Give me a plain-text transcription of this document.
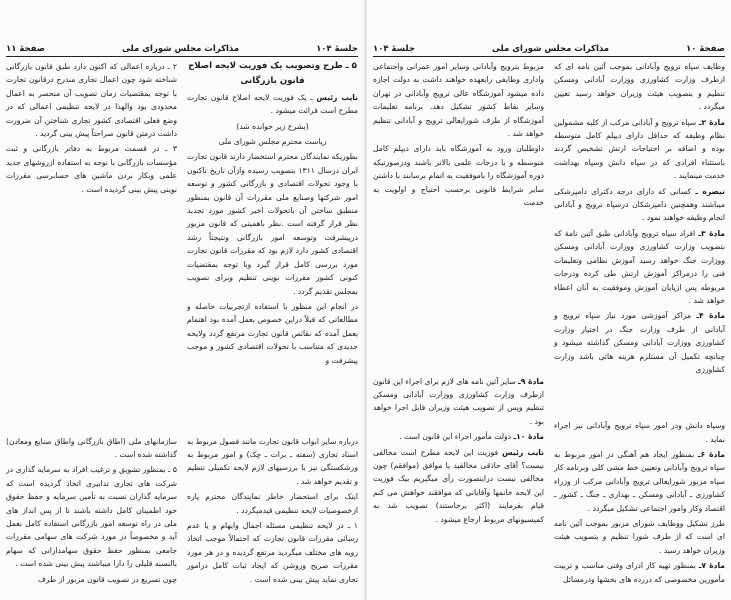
جلسهٔ ۱۰۴
مذاکرات مجلس شورای ملی
صفحهٔ ۱۱

۵ ـ طرح وتصویب یک فوریت لایحه اصلاح

قانون بازرگانی

نایب رئیس ـ یک فوریت لایحه اصلاح قانون تجارت مطرح است قرائت میشود .

(بشرح زیر خوانده شد)

ریاست محترم مجلس شورای ملی

بطوریکه نمایندگان محترم استحضار دارند قانون تجارت ایران درسال ۱۳۱۱ بتصویب رسیده وازآن تاریخ تاکنون با وجود تحولات اقتصادی و بازرگانی کشور و توسعه امور شرکتها وصنایع ملی مقررات آن قانون بمنظور منطبق ساختن آن باتحولات اخیر کشور مورد تجدید نظر قرار گرفته است .نظر باهمیتی که قانون مزبور درپیشرفت وتوسعه امور بازرگانی ونتیجتاً رشد اقتصادی کشور دارد لازم بود که مقررات قانون تجارت مورد بررسی کامل قرار گیرد وبا توجه بمقتضیات کنونی کشور مقررات نوینی تنظیم وبرای تصویب بمجلس تقدیم گردد .

در انجام این منظور با استفاده ازتجربیات حاصله و مطالعاتی که قبلاً دراین خصوص بعمل آمده بود اهتمام بعمل آمده که نقائص قانون تجارت مرتفع گردد ولایحه جدیدی که متناسب با تحولات اقتصادی کشور و موجب پیشرفت و

درباره سایر ابواب قانون تجارت مانند فصول مربوط به اسناد تجاری (سفته ـ برات ـ چک) و امور مربوط به ورشکستگی نیز با بررسیهای لازم لایحه تکمیلی تنظیم و تقدیم خواهد شد .

اینک برای استحضار خاطر نمایندگان محترم پاره ازخصوصیات لایحه تنظیمی قیدمیگردد .

۱ ـ در لایحه تنظیمی مسئله اجمال وابهام و یا عدم رسائی مقررات قانون تجارت که احتمالاً موجب اتخاذ رویه های مختلف میگردید مرتفع گردیده و در هر مورد مقررات صریح وروشن که ایجاد ثبات کامل درامور تجاری نماید پیش بینی شده است .

۲ ـ درباره اعمالی که اکنون دارد طبق قانون بازرگانی شناخته شود چون اعمال تجاری مندرج درقانون تجارت با توجه بمقتضیات زمان تصویب آن منحصر به اعمال محدودی بود والهذا در لایحه تنظیمی اعمالی که در وضع فعلی اقتصادی کشور تجاری شناختن آن ضرورت داشت درمتن قانون صراحتاً پیش بینی گردید .

۳ ـ در قسمت مربوط به دفاتر بازرگانی و ثبت مؤسسات بازرگانی با توجه به استفاده ازروشهای جدید علمی وبکار بردن ماشین های حسابرسی مقررات نوینی پیش بینی گردیده است .

سازمانهای ملی (اطاق بازرگانی واطاق صنایع ومعادن) گذاشته شده است .

۵ ـ بمنظور تشویق و ترغیب افراد به سرمایه گذاری در شرکت های تجاری تدابیری اتخاذ گردیده است که سرمایه گذاران نسبت به تأمین سرمایه و حفظ حقوق خود اطمینان کامل داشته باشند تا از پس انداز های ملی در راه توسعه امور بازرگانی استفاده کامل بعمل آید و مخصوصاً در مورد شرکت های سهامی مقررات جامعی بمنظور حفظ حقوق سهامدارانی که سهام بالنسبه قلیلی را دارا میباشند پیش بینی شده است .

چون تسریع در تصویب قانون مزبور از طرف

صفحهٔ ۱۰
مذاکرات مجلس شورای ملی
جلسهٔ ۱۰۴

وظایف سپاه ترویج وآبادانی بموجب آئین نامه ای که ازطرف وزارت کشاورزی ووزارت آبادانی ومسکن تنظیم و بتصویب هیئت وزیران خواهد رسید تعیین میگردد .

مادهٔ ۲ـ سپاه ترویج و آبادانی مرکب از کلیه مشمولین نظام وظیفه که حداقل دارای دیپلم کامل متوسطه بوده و اضافه بر احتیاجات ارتش تشخیص گردند باستثناء افرادی که در سپاه دانش وسپاه بهداشت خدمت مینمایند .

تبصره ـ کسانی که دارای درجه دکترای دامپزشکی میباشند وهمچنین دامپزشکان درسپاه ترویج و آبادانی انجام وظیفه خواهند نمود .

مادهٔ ۳ـ افراد سپاه ترویج وآبادانی طبق آئین نامهٔ که بتصویب وزارت کشاورزی ووزارت آبادانی ومسکن ووزارت جنگ خواهد رسید آموزش نظامی وتعلیمات فنی را درمراکز آموزش ارتش طی کرده ودرجات مربوطه پس ازپایان آموزش وموفقیت به آنان اعطاء خواهد شد .

مادهٔ ۴ـ مراکز آموزشی مورد نیاز سپاه ترویج و آبادانی از طرف وزارت جنگ در اختیار وزارت کشاورزی ووزارت آبادانی ومسکن گذاشته میشود و چنانچه تکمیل آن مستلزم هزینه هائی باشد وزارت کشاورزی

وسپاه دانش ودر امور سپاه ترویج وآبادانی نیز اجراء نماید .

مادهٔ ۶ـ بمنظور ایجاد هم آهنگی در امور مربوط به سپاه ترویج وآبادانی وتعیین خط مشی کلی وبرنامه کار سپاه مزبور شورایعالی ترویج وآبادانی مرکب از وزراء کشاورزی ـ آبادانی ومسکن ـ بهداری ـ جنگ ـ کشور ـ اقتصاد وکار وامور اجتماعی تشکیل میگردد .

طرز تشکیل ووظایف شورای مزبور بموجب آئین نامه ای است که از طرف شورا تنظیم و بتصویب هیئت وزیران خواهد رسید .

مادهٔ ۷ـ بمنظور تهیه کار ادرای وفنی مناسب و تربیت مأمورین مخصوصی که دررده های بخشها ودرمسائل

مربوط بترویج وآبادانی وسایر امور عمرانی واجتماعی واداری وظایفی رابعهده خواهند داشت به دولت اجازه داده میشود آموزشگاه عالی ترویج وآبادانی در تهران وسایر نقاط کشور تشکیل دهد. برنامه تعلیمات آموزشگاه از طرف شورایعالی ترویج و آبادانی تنظیم خواهد شد .

داوطلبان ورود به آموزشگاه باید دارای دیپلم کامل متوسطه و یا درجات علمی بالاتر باشند ودرصورتیکه دوره آموزشگاه را باموفقیت به اتمام برسانند با داشتن سایر شرایط قانونی برحسب احتیاج و اولویت به خدمت

مادهٔ ۹ـ سایر آئین نامه های لازم برای اجراء این قانون ازطرف وزارت کشاورزی ووزارت آبادانی ومسکن تنظیم وپس از تصویب هیئت وزیران قابل اجرا خواهد بود .

مادهٔ ۱۰ـ دولت مأمور اجراء این قانون است .

نایب رئیس فوریت این لایحه مطرح است مخالفی نیست؟ آقای حاذقی مخالفید یا موافق (موافقم) چون مخالفی نیست دراینصورت رأی میگیریم بیک فوریت این لایحه خانمها وآقایانی که موافقند خواهش می کنم قیام بفرمایند (اکثر برخاستند) تصویب شد به کمیسیونهای مربوط ارجاع میشود .
